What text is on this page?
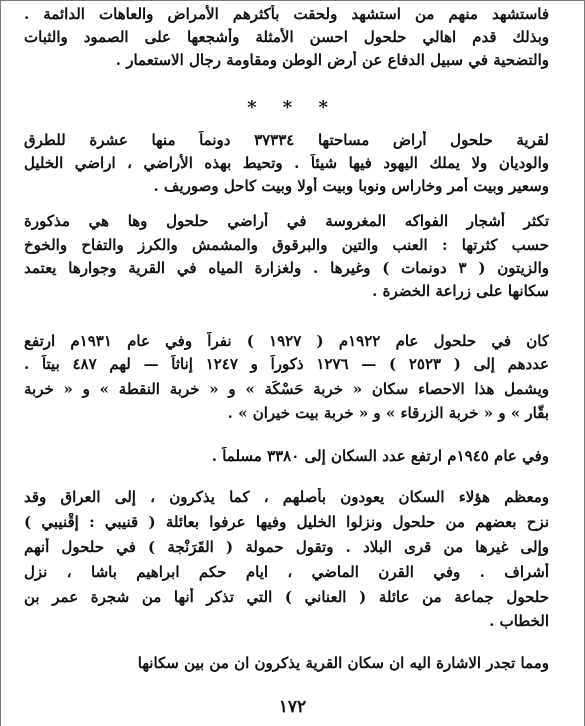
فاستشهد منهم من استشهد ولحقت بأكثرهم الأمراض والعاهات الدائمة .
وبذلك قدم اهالي حلحول احسن الأمثلة وأشجعها على الصمود والثبات
والتضحية في سبيل الدفاع عن أرض الوطن ومقاومة رجال الاستعمار .
* * *
لقرية حلحول أراض مساحتها ٣٧٣٣٤ دونماً منها عشرة للطرق
والوديان ولا يملك اليهود فيها شيئاً . وتحيط بهذه الأراضي ، اراضي الخليل
وسعير وبيت أمر وخاراس ونوبا وبيت أولا وبيت كاحل وصوريف .
تكثر أشجار الفواكه المغروسة في أراضي حلحول وها هي مذكورة
حسب كثرتها : العنب والتين والبرقوق والمشمش والكرز والتفاح والخوخ
والزيتون ( ٣ دونمات ) وغيرها . ولغزارة المياه في القرية وجوارها يعتمد
سكانها على زراعة الخضرة .
كان في حلحول عام ١٩٢٢م ( ١٩٢٧ ) نفراً وفي عام ١٩٣١م ارتفع
عددهم إلى ( ٢٥٢٣ ) — ١٢٧٦ ذكوراً و ١٢٤٧ إناثاً — لهم ٤٨٧ بيتاً .
ويشمل هذا الاحصاء سكان « خربة حَسْكَة » و « خربة النقطة » و « خربة
بقّار » و « خربة الزرقاء » و « خربة بيت خيران » .
وفي عام ١٩٤٥م ارتفع عدد السكان إلى ٣٣٨٠ مسلماً .
ومعظم هؤلاء السكان يعودون بأصلهم ، كما يذكرون ، إلى العراق وقد
نزح بعضهم من حلحول ونزلوا الخليل وفيها عرفوا بعائلة ( قنيبي : إقْنيبي )
وإلى غيرها من قرى البلاد . وتقول حمولة ( القَرَنْجة ) في حلحول أنهم
أشراف . وفي القرن الماضي ، ايام حكم ابراهيم باشا ، نزل
حلحول جماعة من عائلة ( العناني ) التي تذكر أنها من شجرة عمر بن
الخطاب .
ومما تجدر الاشارة اليه ان سكان القرية يذكرون ان من بين سكانها
١٧٢
